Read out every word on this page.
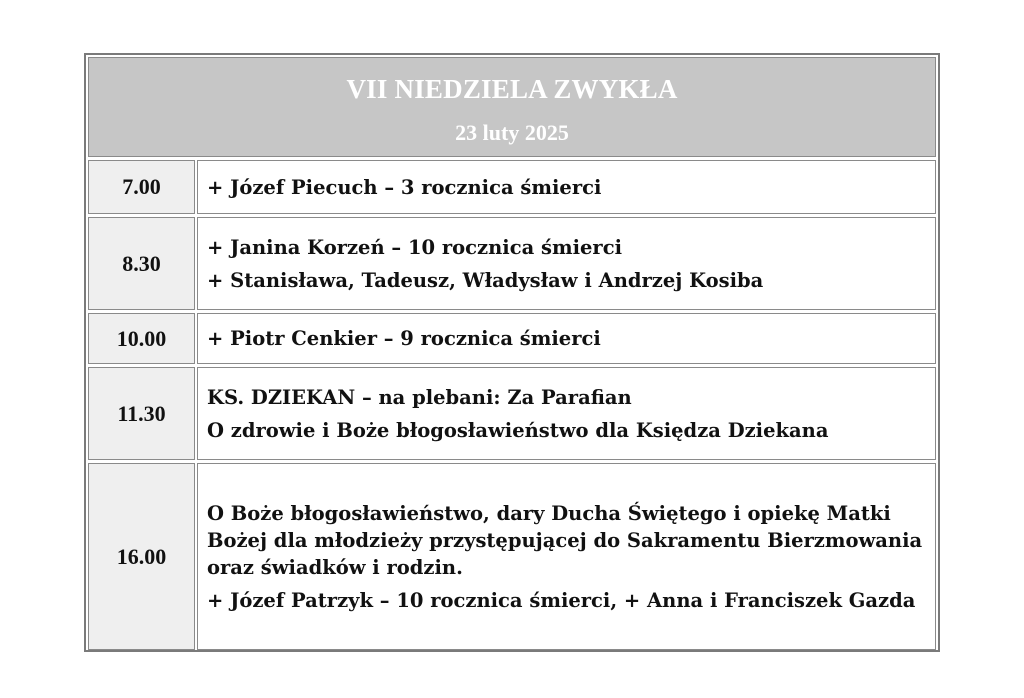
VII NIEDZIELA ZWYKŁA
23 luty 2025
7.00	+ Józef Piecuch – 3 rocznica śmierci
8.30
+ Janina Korzeń – 10 rocznica śmierci
+ Stanisława, Tadeusz, Władysław i Andrzej Kosiba
10.00	+ Piotr Cenkier – 9 rocznica śmierci
11.30
KS. DZIEKAN – na plebani: Za Parafian
O zdrowie i Boże błogosławieństwo dla Księdza Dziekana
16.00
O Boże błogosławieństwo, dary Ducha Świętego i opiekę Matki Bożej dla młodzieży przystępującej do Sakramentu Bierzmowania oraz świadków i rodzin.
+ Józef Patrzyk – 10 rocznica śmierci, + Anna i Franciszek Gazda
